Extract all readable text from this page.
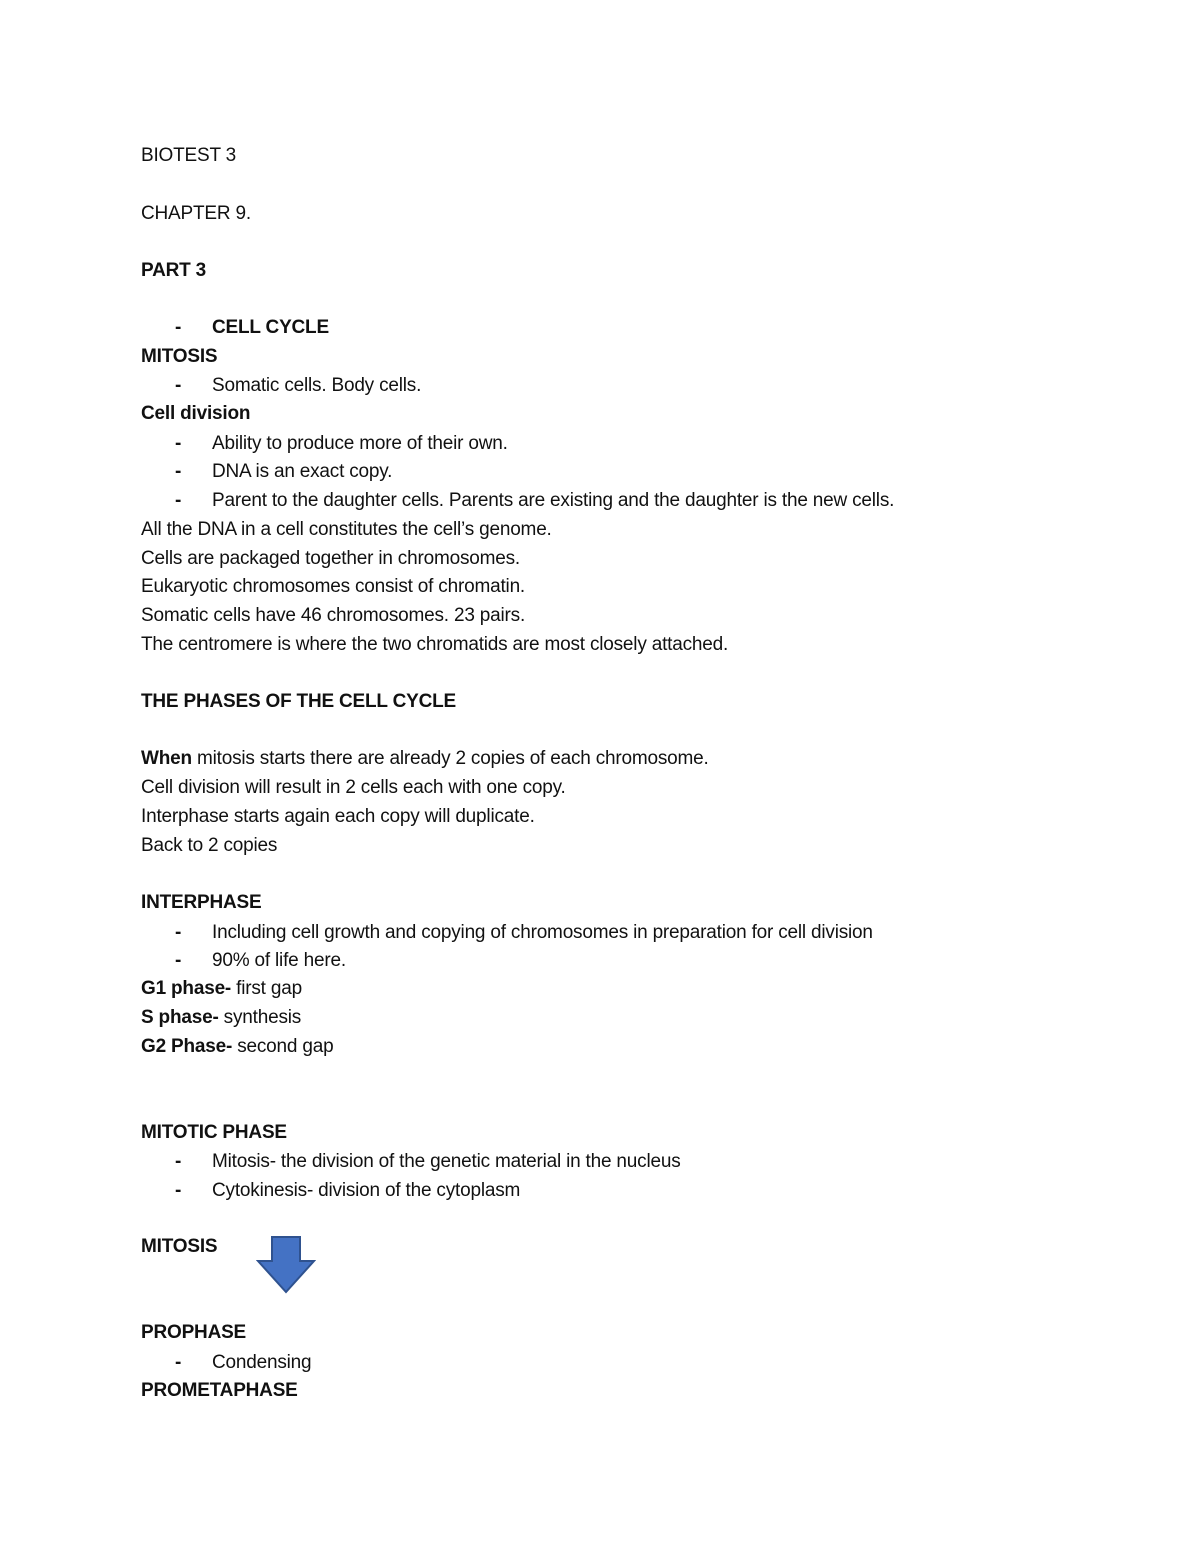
BIOTEST 3
CHAPTER 9.
PART 3
- CELL CYCLE
MITOSIS
- Somatic cells. Body cells.
Cell division
- Ability to produce more of their own.
- DNA is an exact copy.
- Parent to the daughter cells. Parents are existing and the daughter is the new cells.
All the DNA in a cell constitutes the cell’s genome.
Cells are packaged together in chromosomes.
Eukaryotic chromosomes consist of chromatin.
Somatic cells have 46 chromosomes. 23 pairs.
The centromere is where the two chromatids are most closely attached.
THE PHASES OF THE CELL CYCLE
When mitosis starts there are already 2 copies of each chromosome.
Cell division will result in 2 cells each with one copy.
Interphase starts again each copy will duplicate.
Back to 2 copies
INTERPHASE
- Including cell growth and copying of chromosomes in preparation for cell division
- 90% of life here.
G1 phase- first gap
S phase- synthesis
G2 Phase- second gap
MITOTIC PHASE
- Mitosis- the division of the genetic material in the nucleus
- Cytokinesis- division of the cytoplasm
MITOSIS
PROPHASE
- Condensing
PROMETAPHASE
